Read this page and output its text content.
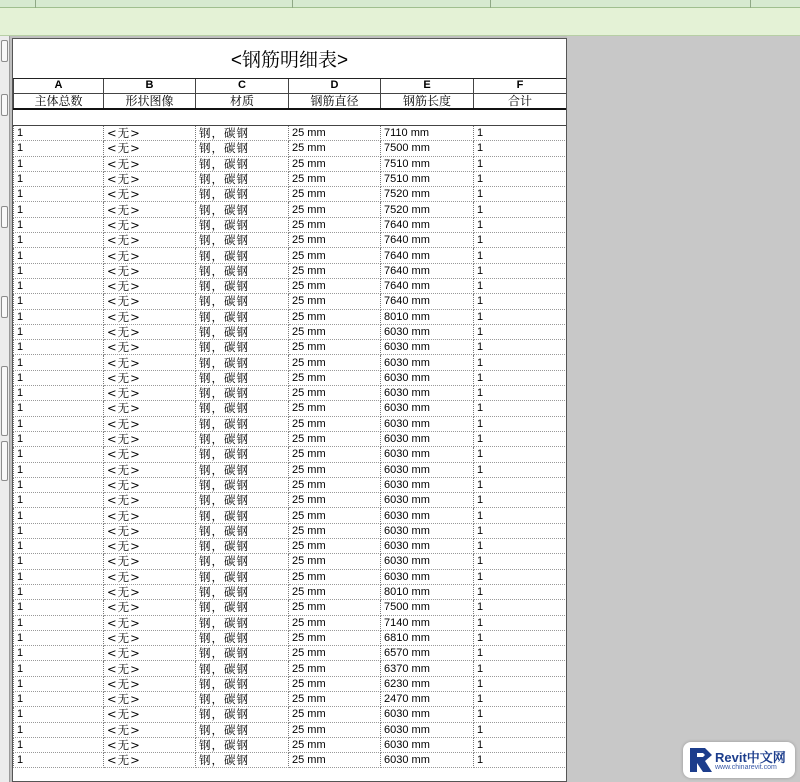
<钢筋明细表>
A	B	C	D	E	F
主体总数	形状图像	材质	钢筋直径	钢筋长度	合计

1	<无>	钢，碳钢	25 mm	7110 mm	1
1	<无>	钢，碳钢	25 mm	7500 mm	1
1	<无>	钢，碳钢	25 mm	7510 mm	1
1	<无>	钢，碳钢	25 mm	7510 mm	1
1	<无>	钢，碳钢	25 mm	7520 mm	1
1	<无>	钢，碳钢	25 mm	7520 mm	1
1	<无>	钢，碳钢	25 mm	7640 mm	1
1	<无>	钢，碳钢	25 mm	7640 mm	1
1	<无>	钢，碳钢	25 mm	7640 mm	1
1	<无>	钢，碳钢	25 mm	7640 mm	1
1	<无>	钢，碳钢	25 mm	7640 mm	1
1	<无>	钢，碳钢	25 mm	7640 mm	1
1	<无>	钢，碳钢	25 mm	8010 mm	1
1	<无>	钢，碳钢	25 mm	6030 mm	1
1	<无>	钢，碳钢	25 mm	6030 mm	1
1	<无>	钢，碳钢	25 mm	6030 mm	1
1	<无>	钢，碳钢	25 mm	6030 mm	1
1	<无>	钢，碳钢	25 mm	6030 mm	1
1	<无>	钢，碳钢	25 mm	6030 mm	1
1	<无>	钢，碳钢	25 mm	6030 mm	1
1	<无>	钢，碳钢	25 mm	6030 mm	1
1	<无>	钢，碳钢	25 mm	6030 mm	1
1	<无>	钢，碳钢	25 mm	6030 mm	1
1	<无>	钢，碳钢	25 mm	6030 mm	1
1	<无>	钢，碳钢	25 mm	6030 mm	1
1	<无>	钢，碳钢	25 mm	6030 mm	1
1	<无>	钢，碳钢	25 mm	6030 mm	1
1	<无>	钢，碳钢	25 mm	6030 mm	1
1	<无>	钢，碳钢	25 mm	6030 mm	1
1	<无>	钢，碳钢	25 mm	6030 mm	1
1	<无>	钢，碳钢	25 mm	8010 mm	1
1	<无>	钢，碳钢	25 mm	7500 mm	1
1	<无>	钢，碳钢	25 mm	7140 mm	1
1	<无>	钢，碳钢	25 mm	6810 mm	1
1	<无>	钢，碳钢	25 mm	6570 mm	1
1	<无>	钢，碳钢	25 mm	6370 mm	1
1	<无>	钢，碳钢	25 mm	6230 mm	1
1	<无>	钢，碳钢	25 mm	2470 mm	1
1	<无>	钢，碳钢	25 mm	6030 mm	1
1	<无>	钢，碳钢	25 mm	6030 mm	1
1	<无>	钢，碳钢	25 mm	6030 mm	1
1	<无>	钢，碳钢	25 mm	6030 mm	1	Revit中文网
www.chinarevit.com
